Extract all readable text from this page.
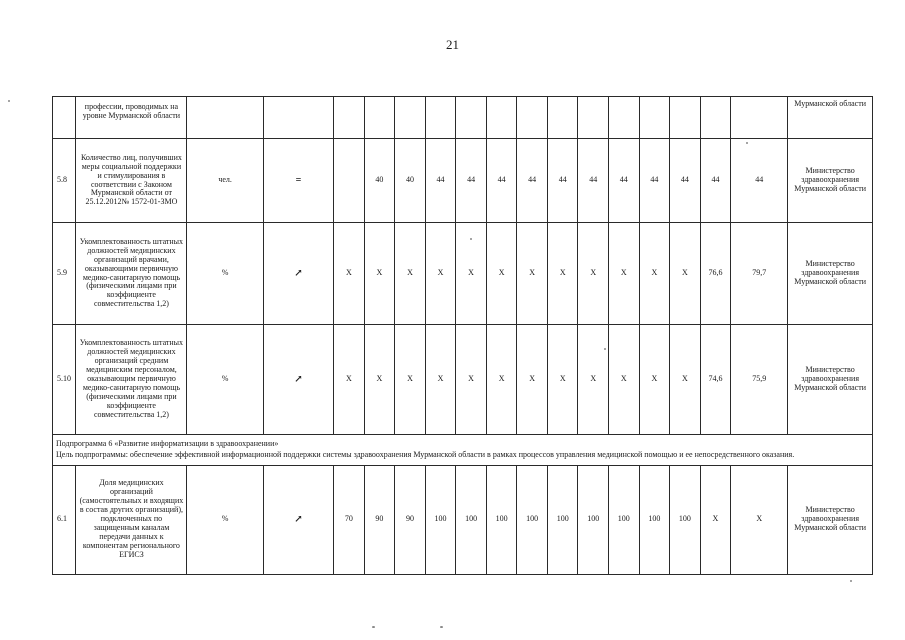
21
	профессии, проводимых на уровне Мурманской области																	Мурманской области
5.8	Количество лиц, получивших меры социальной поддержки и стимулирования в соответствии с Законом Мурманской области от 25.12.2012№ 1572-01-ЗМО	чел.	=		40	40	44	44	44	44	44	44	44	44	44	44	44	Министерство здравоохранения Мурманской области
5.9	Укомплектованность штатных должностей медицинских организаций врачами, оказывающими первичную медико-санитарную помощь (физическими лицами при коэффициенте совместительства 1,2)	%	↗	X	X	X	X	X	X	X	X	X	X	X	X	76,6	79,7	Министерство здравоохранения Мурманской области
5.10	Укомплектованность штатных должностей медицинских организаций средним медицинским персоналом, оказывающим первичную медико-санитарную помощь (физическими лицами при коэффициенте совместительства 1,2)	%	↗	X	X	X	X	X	X	X	X	X	X	X	X	74,6	75,9	Министерство здравоохранения Мурманской области

Подпрограмма 6 «Развитие информатизации в здравоохранении»
Цель подпрограммы: обеспечение эффективной информационной поддержки системы здравоохранения Мурманской области в рамках процессов управления медицинской помощью и ее непосредственного оказания.																		

6.1	Доля медицинских организаций (самостоятельных и входящих в состав других организаций), подключенных по защищенным каналам передачи данных к компонентам регионального ЕГИСЗ	%	↗	70	90	90	100	100	100	100	100	100	100	100	100	X	X	Министерство здравоохранения Мурманской области
